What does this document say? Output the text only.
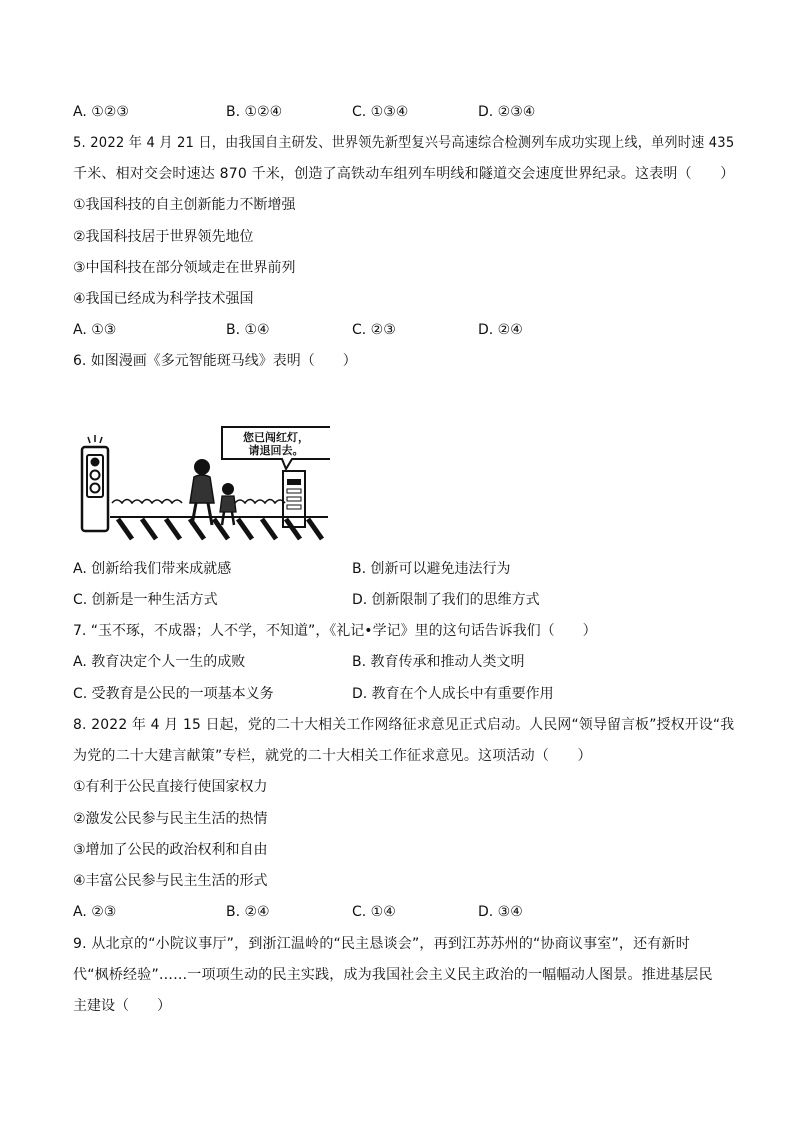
A. ①②③	B. ①②④	C. ①③④	D. ②③④
5. 2022 年 4 月 21 日，由我国自主研发、世界领先新型复兴号高速综合检测列车成功实现上线，单列时速 435
千米、相对交会时速达 870 千米，创造了高铁动车组列车明线和隧道交会速度世界纪录。这表明（　　）
①我国科技的自主创新能力不断增强
②我国科技居于世界领先地位
③中国科技在部分领域走在世界前列
④我国已经成为科学技术强国
A. ①③	B. ①④	C. ②③	D. ②④
6. 如图漫画《多元智能斑马线》表明（　　）
您已闯红灯，
请退回去。
A. 创新给我们带来成就感	B. 创新可以避免违法行为
C. 创新是一种生活方式	D. 创新限制了我们的思维方式
7. “玉不琢，不成器；人不学，不知道”，《礼记•学记》里的这句话告诉我们（　　）
A. 教育决定个人一生的成败	B. 教育传承和推动人类文明
C. 受教育是公民的一项基本义务	D. 教育在个人成长中有重要作用
8. 2022 年 4 月 15 日起，党的二十大相关工作网络征求意见正式启动。人民网“领导留言板”授权开设“我
为党的二十大建言献策”专栏，就党的二十大相关工作征求意见。这项活动（　　）
①有利于公民直接行使国家权力
②激发公民参与民主生活的热情
③增加了公民的政治权利和自由
④丰富公民参与民主生活的形式
A. ②③	B. ②④	C. ①④	D. ③④
9. 从北京的“小院议事厅”，到浙江温岭的“民主恳谈会”，再到江苏苏州的“协商议事室”，还有新时
代“枫桥经验”……一项项生动的民主实践，成为我国社会主义民主政治的一幅幅动人图景。推进基层民
主建设（　　）
